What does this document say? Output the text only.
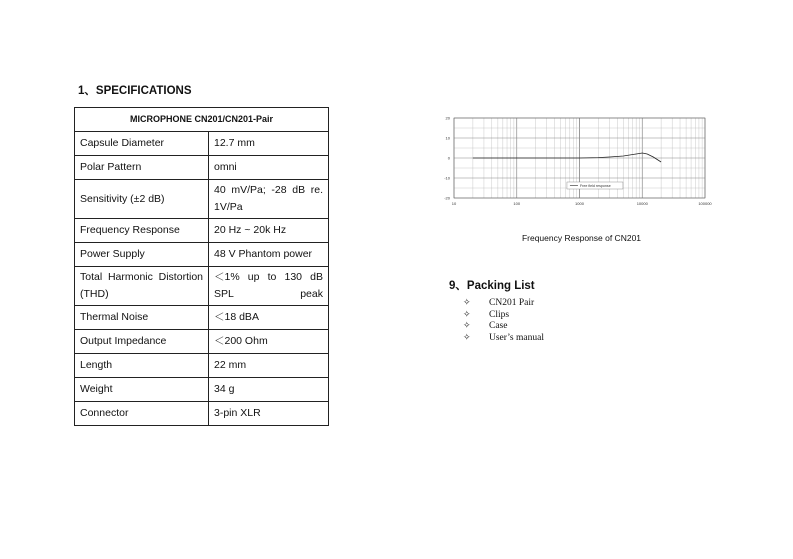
1、SPECIFICATIONS
MICROPHONE CN201/CN201-Pair	
Capsule Diameter	12.7 mm
Polar Pattern	omni
Sensitivity (±2 dB)	40 mV/Pa; -28 dB re. 1V/Pa

Frequency Response	20 Hz ~ 20k Hz
Power Supply	48 V Phantom power

Total Harmonic Distortion (THD)	＜1% up to 130 dB SPL peak

Thermal Noise	＜18 dBA
Output Impedance	＜200 Ohm
Length	22 mm
Weight	34 g
Connector	3-pin XLR
20
10
0
-10
-20
10	100	1000	10000	100000
Free field response
Frequency Response of CN201
9、Packing List
✧	CN201 Pair
✧	Clips
✧	Case
✧	User’s manual
